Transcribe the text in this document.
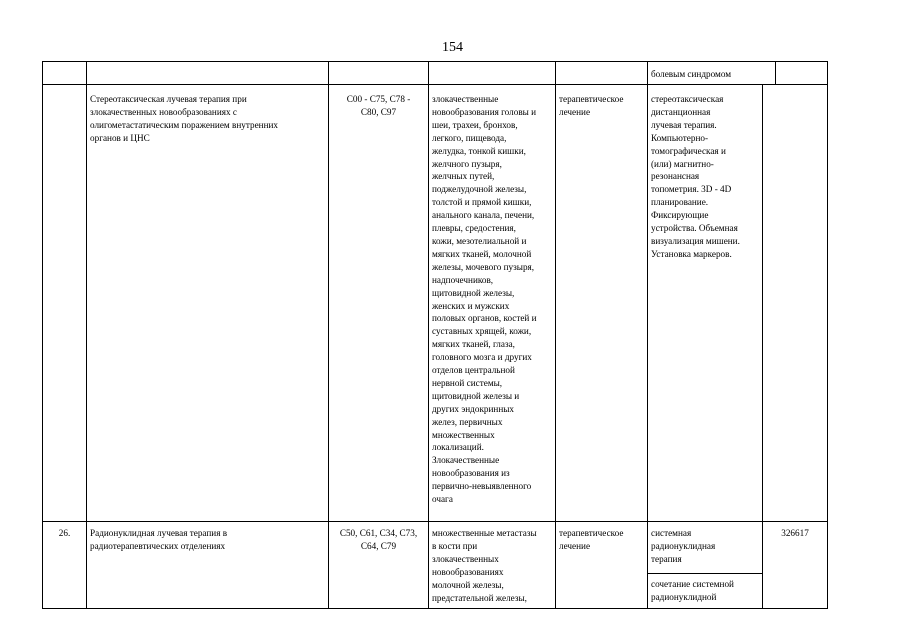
154
болевым синдромом
Стереотаксическая лучевая терапия при
злокачественных новообразованиях с
олигометастатическим поражением внутренних
органов и ЦНС
C00 - C75, C78 -
C80, C97
злокачественные
новообразования головы и
шеи, трахеи, бронхов,
легкого, пищевода,
желудка, тонкой кишки,
желчного пузыря,
желчных путей,
поджелудочной железы,
толстой и прямой кишки,
анального канала, печени,
плевры, средостения,
кожи, мезотелиальной и
мягких тканей, молочной
железы, мочевого пузыря,
надпочечников,
щитовидной железы,
женских и мужских
половых органов, костей и
суставных хрящей, кожи,
мягких тканей, глаза,
головного мозга и других
отделов центральной
нервной системы,
щитовидной железы и
других эндокринных
желез, первичных
множественных
локализаций.
Злокачественные
новообразования из
первично-невыявленного
очага
терапевтическое
лечение
стереотаксическая
дистанционная
лучевая терапия.
Компьютерно-
томографическая и
(или) магнитно-
резонансная
топометрия. 3D - 4D
планирование.
Фиксирующие
устройства. Объемная
визуализация мишени.
Установка маркеров.
26.	Радионуклидная лучевая терапия в
радиотерапевтических отделениях
C50, C61, C34, C73,
C64, C79
множественные метастазы
в кости при
злокачественных
новообразованиях
молочной железы,
предстательной железы,
терапевтическое
лечение
системная
радионуклидная
терапия
сочетание системной
радионуклидной
326617
